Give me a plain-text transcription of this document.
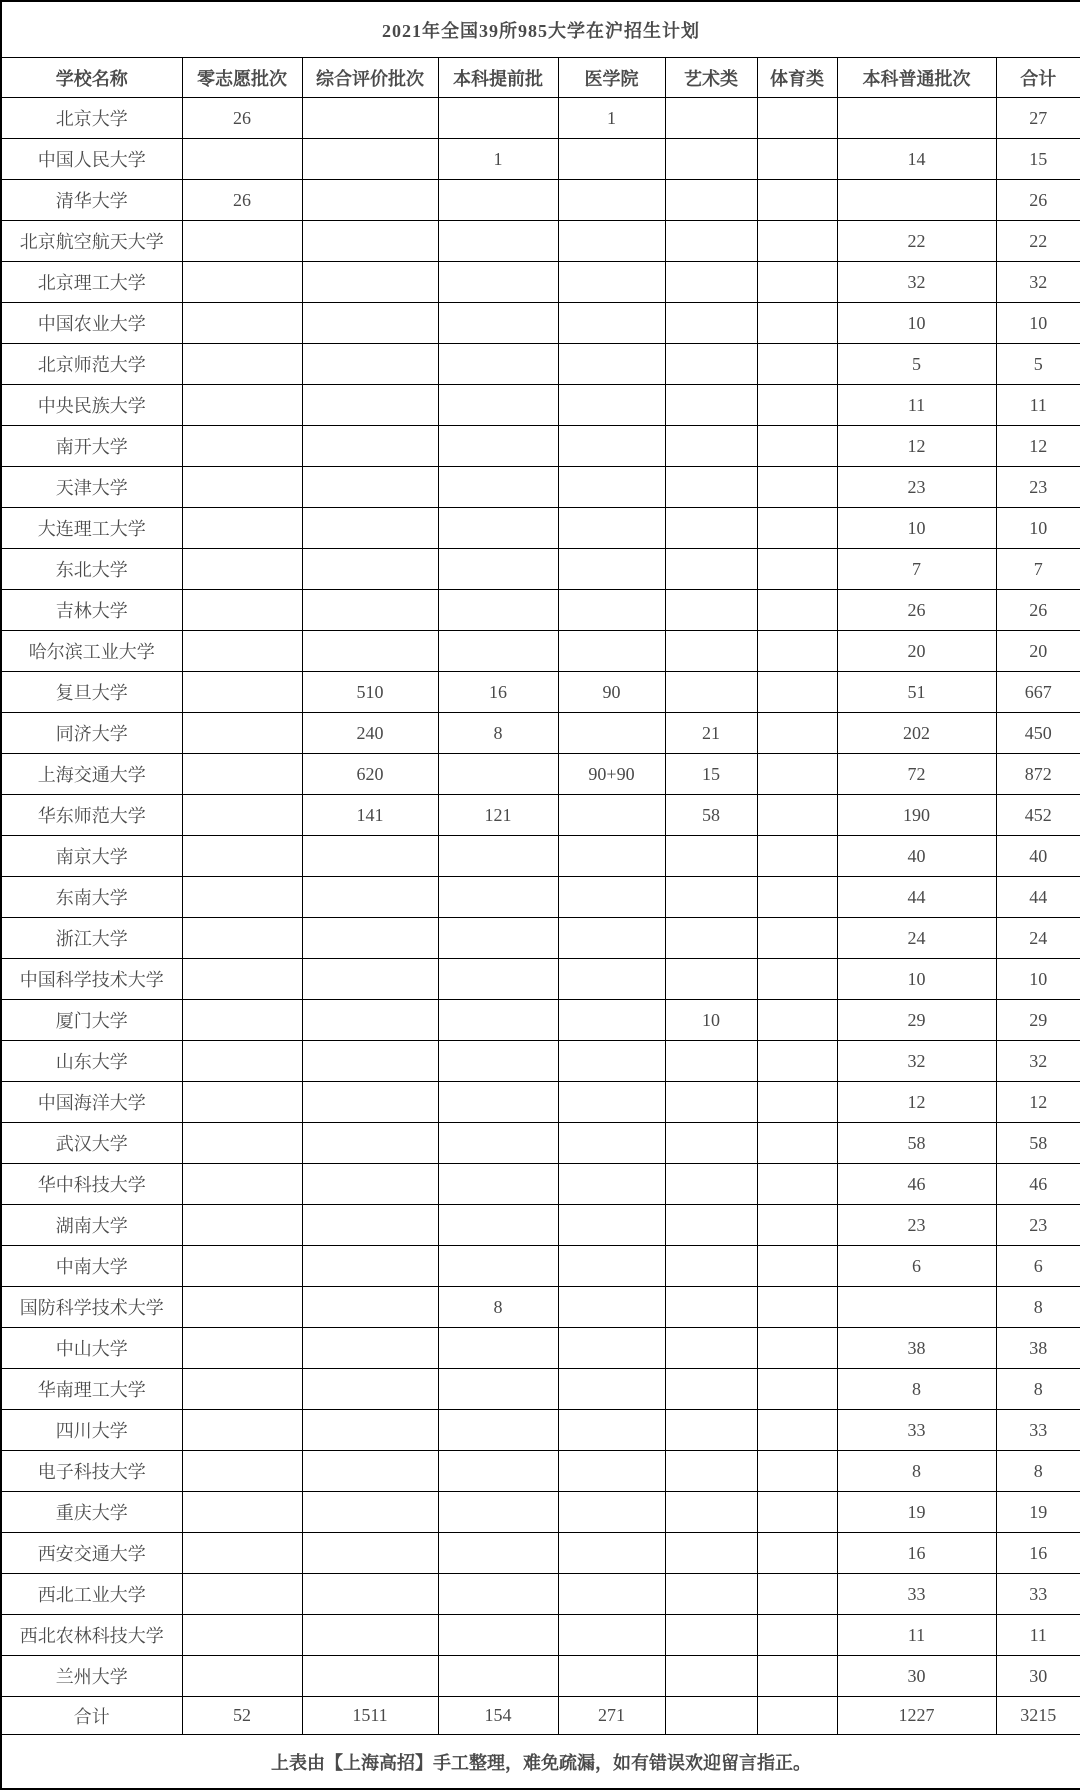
2021年全国39所985大学在沪招生计划								
学校名称	零志愿批次	综合评价批次	本科提前批	医学院	艺术类	体育类	本科普通批次	合计
北京大学	26			1				27
中国人民大学			1				14	15
清华大学	26							26
北京航空航天大学							22	22
北京理工大学							32	32
中国农业大学							10	10
北京师范大学							5	5
中央民族大学							11	11
南开大学							12	12
天津大学							23	23
大连理工大学							10	10
东北大学							7	7
吉林大学							26	26
哈尔滨工业大学							20	20
复旦大学		510	16	90			51	667
同济大学		240	8		21		202	450
上海交通大学		620		90+90	15		72	872
华东师范大学		141	121		58		190	452
南京大学							40	40
东南大学							44	44
浙江大学							24	24
中国科学技术大学							10	10
厦门大学					10		29	29
山东大学							32	32
中国海洋大学							12	12
武汉大学							58	58
华中科技大学							46	46
湖南大学							23	23
中南大学							6	6
国防科学技术大学			8					8
中山大学							38	38
华南理工大学							8	8
四川大学							33	33
电子科技大学							8	8
重庆大学							19	19
西安交通大学							16	16
西北工业大学							33	33
西北农林科技大学							11	11
兰州大学							30	30
合计	52	1511	154	271			1227	3215
上表由【上海高招】手工整理，难免疏漏，如有错误欢迎留言指正。								
